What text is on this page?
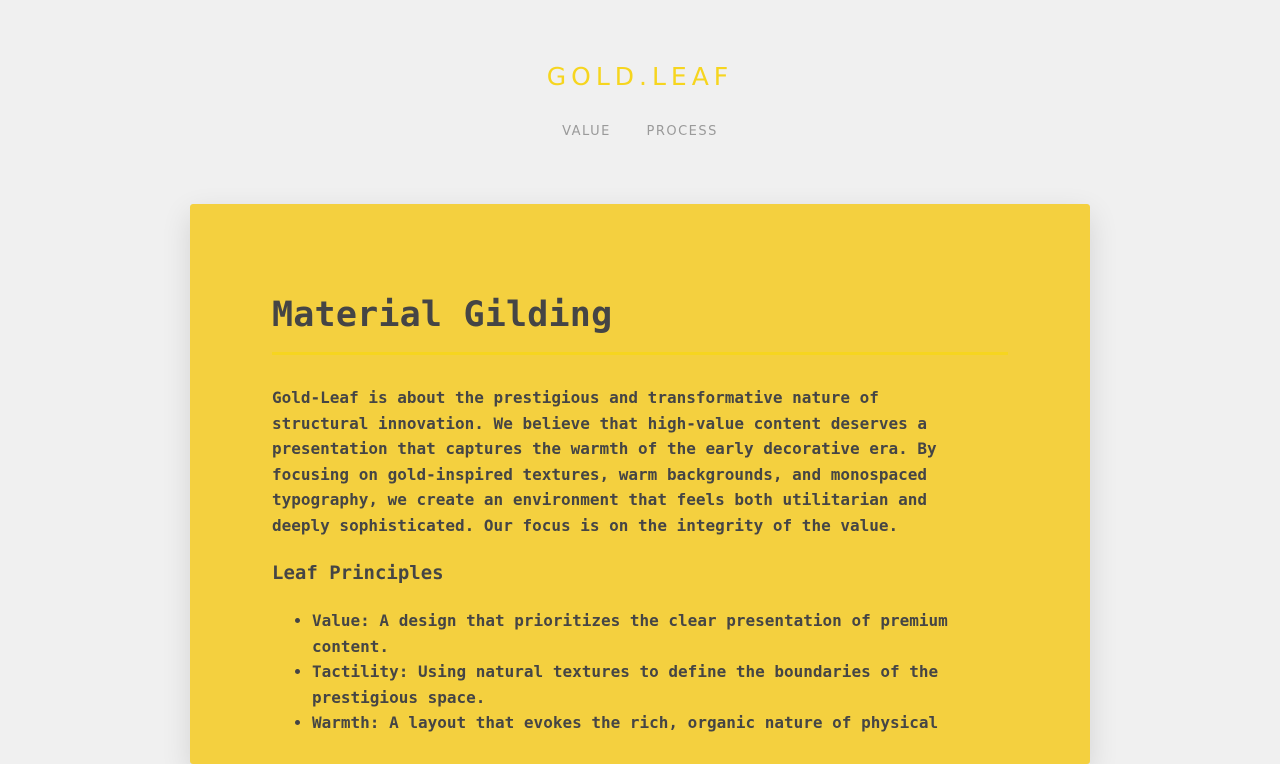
GOLD.LEAF
VALUE	PROCESS
Material Gilding

Gold-Leaf is about the prestigious and transformative nature of structural innovation. We believe that high-value content deserves a presentation that captures the warmth of the early decorative era. By focusing on gold-inspired textures, warm backgrounds, and monospaced typography, we create an environment that feels both utilitarian and deeply sophisticated. Our focus is on the integrity of the value.

Leaf Principles
• Value: A design that prioritizes the clear presentation of premium content.
• Tactility: Using natural textures to define the boundaries of the prestigious space.
• Warmth: A layout that evokes the rich, organic nature of physical
